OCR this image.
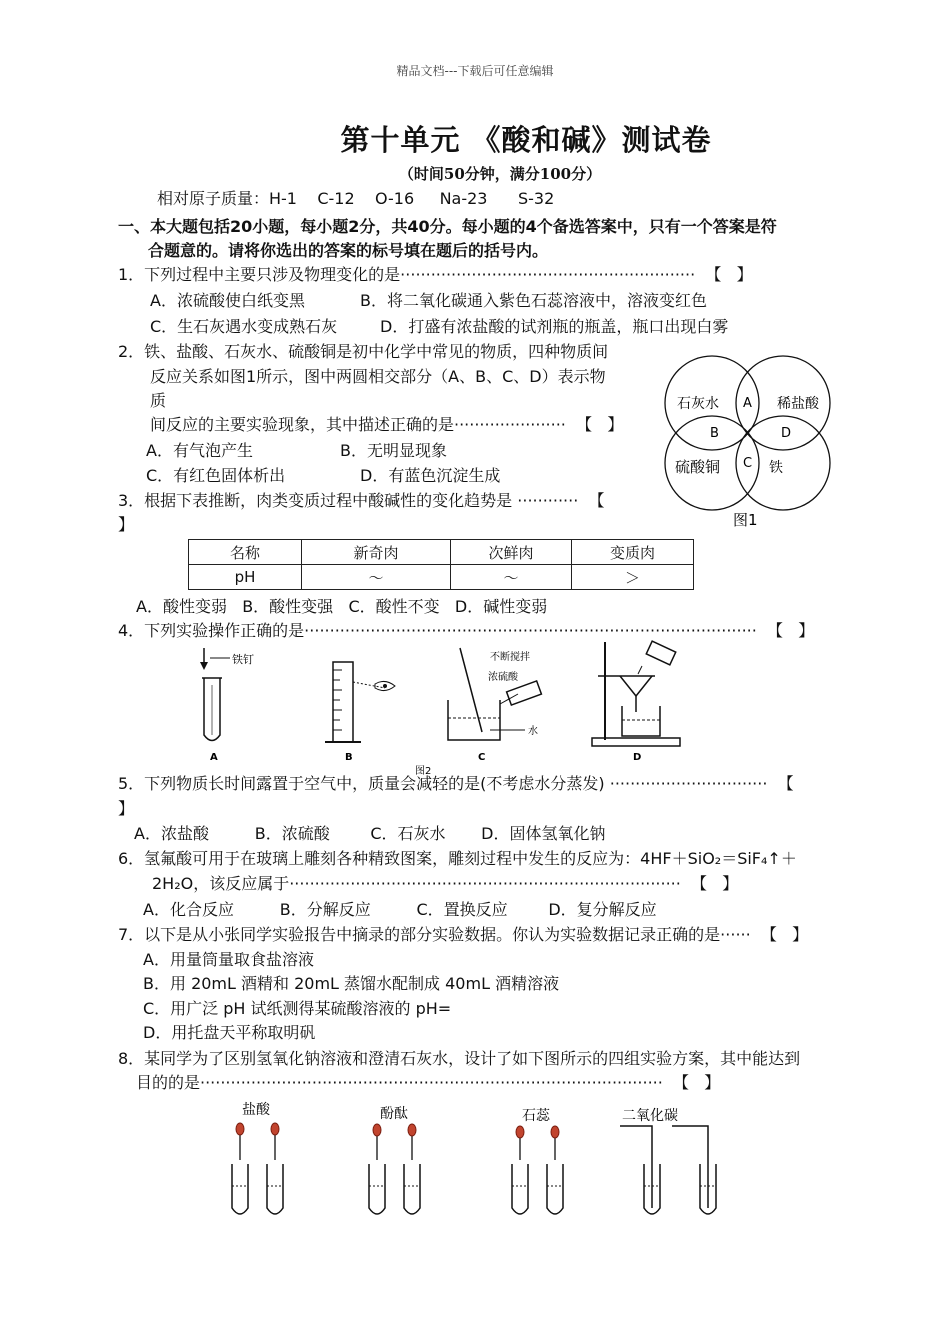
精品文档---下载后可任意编辑
第十单元 《酸和碱》测试卷
（时间50分钟，满分100分）
相对原子质量：H-1    C-12    O-16     Na-23      S-32
一、本大题包括20小题，每小题2分，共40分。每小题的4个备选答案中，只有一个答案是符
合题意的。请将你选出的答案的标号填在题后的括号内。
1．下列过程中主要只涉及物理变化的是··························································  【   】
A．浓硫酸使白纸变黑	B．将二氧化碳通入紫色石蕊溶液中，溶液变红色
C．生石灰遇水变成熟石灰	D．打盛有浓盐酸的试剂瓶的瓶盖，瓶口出现白雾
2．铁、盐酸、石灰水、硫酸铜是初中化学中常见的物质，四种物质间
反应关系如图1所示，图中两圆相交部分（A、B、C、D）表示物
质
间反应的主要实验现象，其中描述正确的是······················  【   】
A．有气泡产生	B．无明显现象
C．有红色固体析出	D．有蓝色沉淀生成
石灰水	稀盐酸
硫酸铜	铁
A
B
C
D
图1
3．根据下表推断，肉类变质过程中酸碱性的变化趋势是 ············  【
】
名称	新奇肉	次鲜肉	变质肉
pH	～	～	＞
A．酸性变弱   B．酸性变强   C．酸性不变   D．碱性变弱
4．下列实验操作正确的是·························································································  【   】
铁钉
A	B
不断搅拌
浓硫酸
水
C	D
图2
5．下列物质长时间露置于空气中，质量会减轻的是(不考虑水分蒸发) ·······························  【
】
A．浓盐酸         B．浓硫酸        C．石灰水       D．固体氢氧化钠
6．氢氟酸可用于在玻璃上雕刻各种精致图案，雕刻过程中发生的反应为：4HF＋SiO₂＝SiF₄↑＋
2H₂O，该反应属于·············································································  【   】
A．化合反应         B．分解反应         C．置换反应        D．复分解反应
7．以下是从小张同学实验报告中摘录的部分实验数据。你认为实验数据记录正确的是······  【   】
A．用量筒量取食盐溶液
B．用 20mL 酒精和 20mL 蒸馏水配制成 40mL 酒精溶液
C．用广泛 pH 试纸测得某硫酸溶液的 pH=
D．用托盘天平称取明矾
8．某同学为了区别氢氧化钠溶液和澄清石灰水，设计了如下图所示的四组实验方案，其中能达到
目的的是···························································································  【   】
盐酸	酚酞	石蕊	二氧化碳
